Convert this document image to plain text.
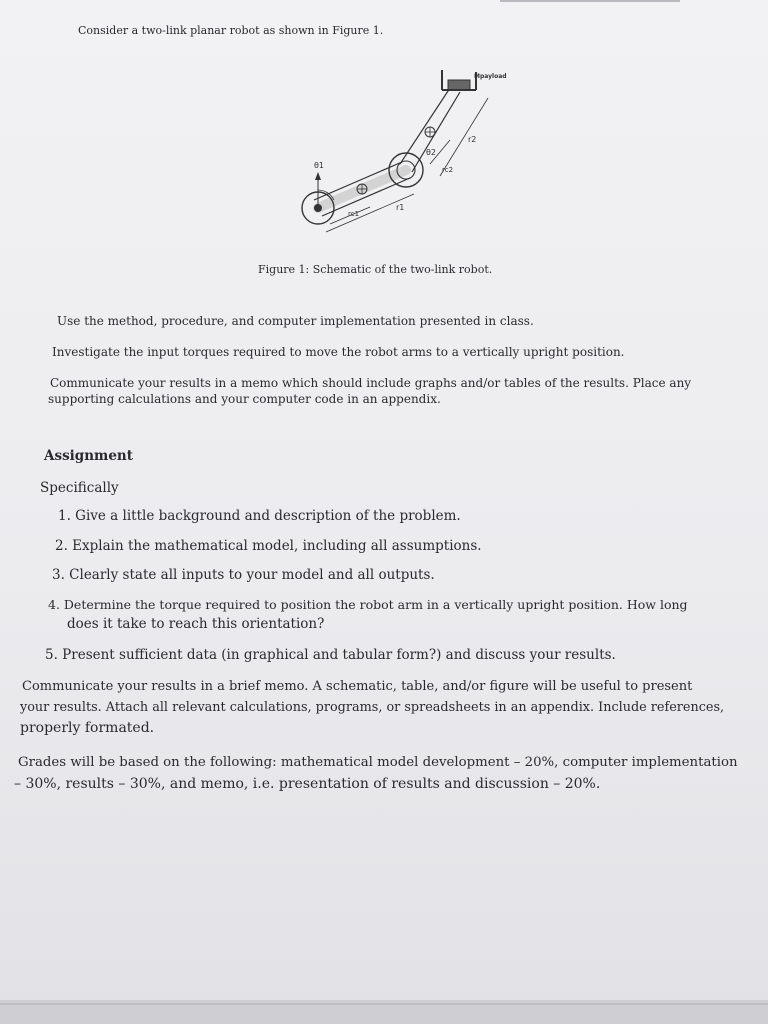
Consider a two-link planar robot as shown in Figure 1.
θ1
θ2
r1
r2
rc1
rc2
Mpayload
Figure 1: Schematic of the two-link robot.
Use the method, procedure, and computer implementation presented in class.
Investigate the input torques required to move the robot arms to a vertically upright position.
Communicate your results in a memo which should include graphs and/or tables of the results. Place any
supporting calculations and your computer code in an appendix.
Assignment
Specifically
1. Give a little background and description of the problem.
2. Explain the mathematical model, including all assumptions.
3. Clearly state all inputs to your model and all outputs.
4. Determine the torque required to position the robot arm in a vertically upright position. How long
does it take to reach this orientation?
5. Present sufficient data (in graphical and tabular form?) and discuss your results.
Communicate your results in a brief memo. A schematic, table, and/or figure will be useful to present
your results. Attach all relevant calculations, programs, or spreadsheets in an appendix. Include references,
properly formated.
Grades will be based on the following: mathematical model development – 20%, computer implementation
– 30%, results – 30%, and memo, i.e. presentation of results and discussion – 20%.
